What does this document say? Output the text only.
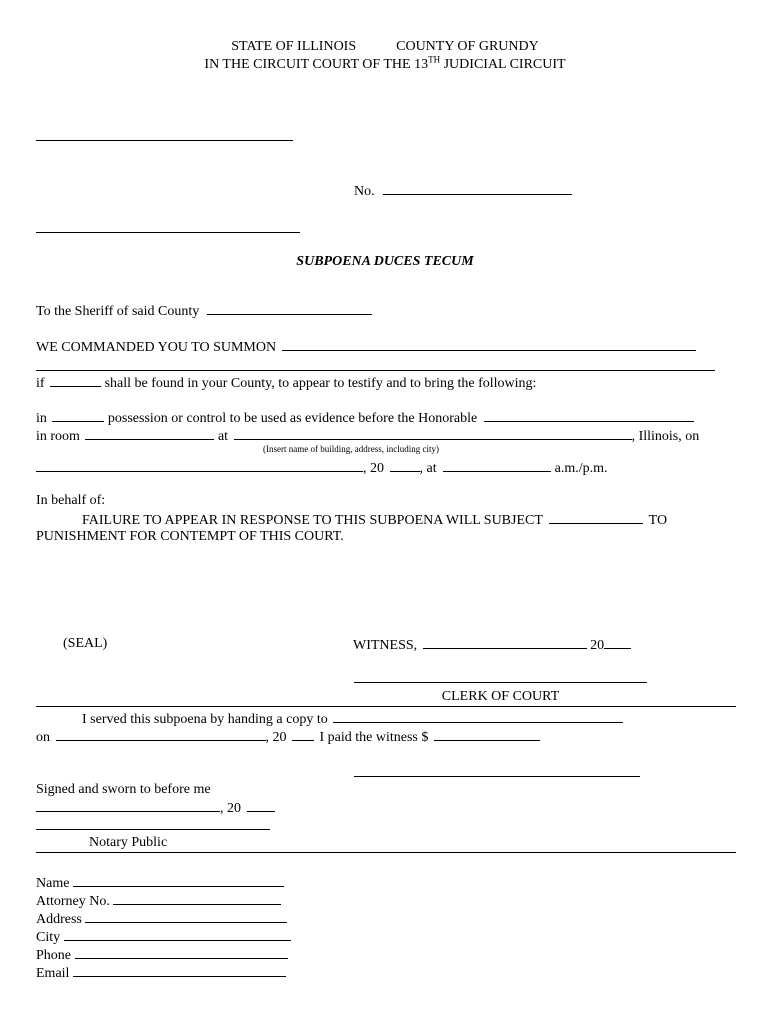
STATE OF ILLINOIS	COUNTY OF GRUNDY
IN THE CIRCUIT COURT OF THE 13TH JUDICIAL CIRCUIT
No.
SUBPOENA DUCES TECUM
To the Sheriff of said County
WE COMMANDED YOU TO SUMMON
if	shall be found in your County, to appear to testify and to bring the following:
in	possession or control to be used as evidence before the Honorable
in room	at	, Illinois, on
(Insert name of building, address, including city)
, 20	, at	a.m./p.m.
In behalf of:
FAILURE TO APPEAR IN RESPONSE TO THIS SUBPOENA WILL SUBJECT	TO
PUNISHMENT FOR CONTEMPT OF THIS COURT.
(SEAL)	WITNESS,	20
CLERK OF COURT
I served this subpoena by handing a copy to
on	, 20 I paid the witness $
Signed and sworn to before me
, 20
Notary Public
Name
Attorney No.
Address
City
Phone
Email
